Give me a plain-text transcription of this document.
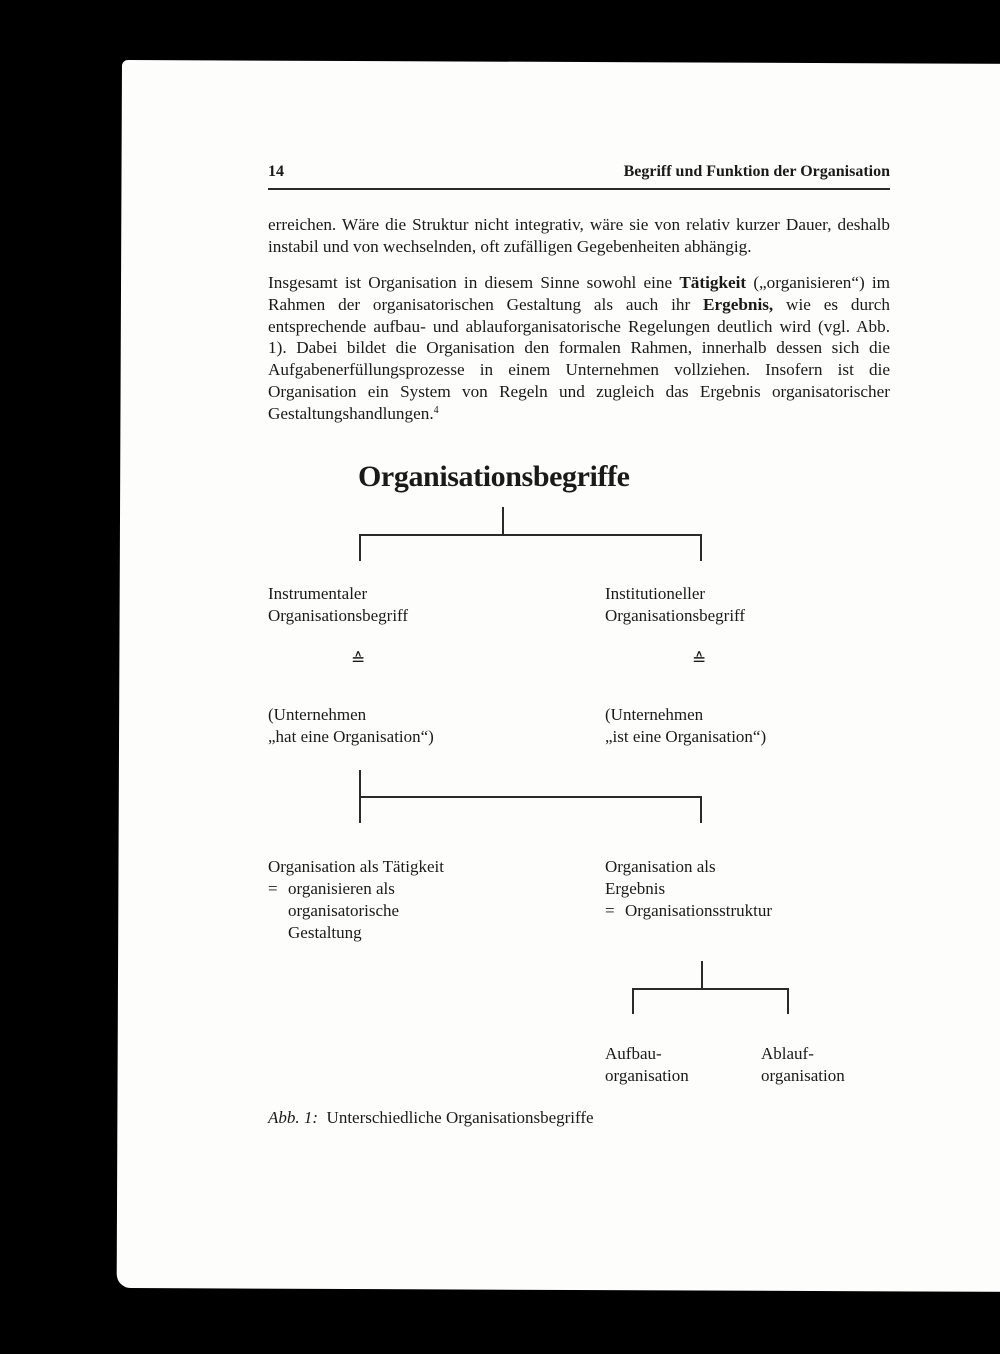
14	Begriff und Funktion der Organisation
erreichen. Wäre die Struktur nicht integrativ, wäre sie von relativ kurzer Dauer, deshalb instabil und von wechselnden, oft zufälligen Gegebenheiten abhängig.
Insgesamt ist Organisation in diesem Sinne sowohl eine Tätigkeit („organisieren“) im Rahmen der organisatorischen Gestaltung als auch ihr Ergebnis, wie es durch entsprechende aufbau- und ablauforganisatorische Regelungen deutlich wird (vgl. Abb. 1). Dabei bildet die Organisation den formalen Rahmen, innerhalb dessen sich die Aufgabenerfüllungsprozesse in einem Unternehmen vollziehen. Insofern ist die Organisation ein System von Regeln und zugleich das Ergebnis organisatorischer Gestaltungshandlungen.$^4$
Organisationsbegriffe
Instrumentaler
Organisationsbegriff
≙
(Unternehmen
„hat eine Organisation“)
Institutioneller
Organisationsbegriff
≙
(Unternehmen
„ist eine Organisation“)
Organisation als Tätigkeit
= organisieren als
organisatorische
Gestaltung
Organisation als
Ergebnis
= Organisationsstruktur
Aufbau-
organisation
Ablauf-
organisation
Abb. 1: Unterschiedliche Organisationsbegriffe
